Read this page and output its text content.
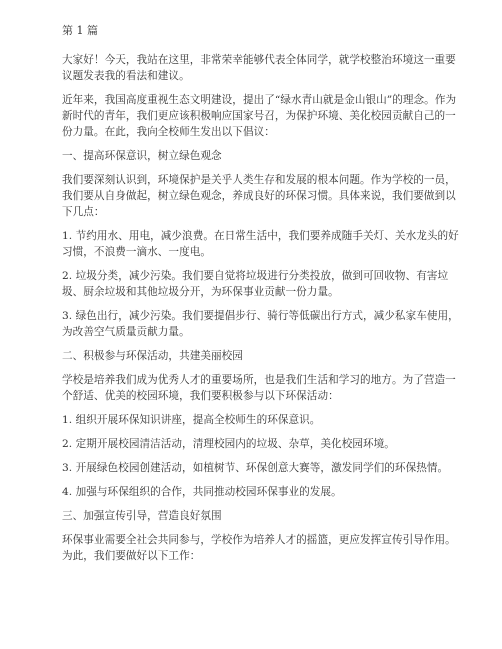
第 1 篇

大家好！今天，我站在这里，非常荣幸能够代表全体同学，就学校整治环境这一重要议题发表我的看法和建议。

近年来，我国高度重视生态文明建设，提出了“绿水青山就是金山银山”的理念。作为新时代的青年，我们更应该积极响应国家号召，为保护环境、美化校园贡献自己的一份力量。在此，我向全校师生发出以下倡议：

一、提高环保意识，树立绿色观念

我们要深刻认识到，环境保护是关乎人类生存和发展的根本问题。作为学校的一员，我们要从自身做起，树立绿色观念，养成良好的环保习惯。具体来说，我们要做到以下几点：

1. 节约用水、用电，减少浪费。在日常生活中，我们要养成随手关灯、关水龙头的好习惯，不浪费一滴水、一度电。

2. 垃圾分类，减少污染。我们要自觉将垃圾进行分类投放，做到可回收物、有害垃圾、厨余垃圾和其他垃圾分开，为环保事业贡献一份力量。

3. 绿色出行，减少污染。我们要提倡步行、骑行等低碳出行方式，减少私家车使用，为改善空气质量贡献力量。

二、积极参与环保活动，共建美丽校园

学校是培养我们成为优秀人才的重要场所，也是我们生活和学习的地方。为了营造一个舒适、优美的校园环境，我们要积极参与以下环保活动：

1. 组织开展环保知识讲座，提高全校师生的环保意识。

2. 定期开展校园清洁活动，清理校园内的垃圾、杂草，美化校园环境。

3. 开展绿色校园创建活动，如植树节、环保创意大赛等，激发同学们的环保热情。

4. 加强与环保组织的合作，共同推动校园环保事业的发展。

三、加强宣传引导，营造良好氛围

环保事业需要全社会共同参与，学校作为培养人才的摇篮，更应发挥宣传引导作用。为此，我们要做好以下工作：
